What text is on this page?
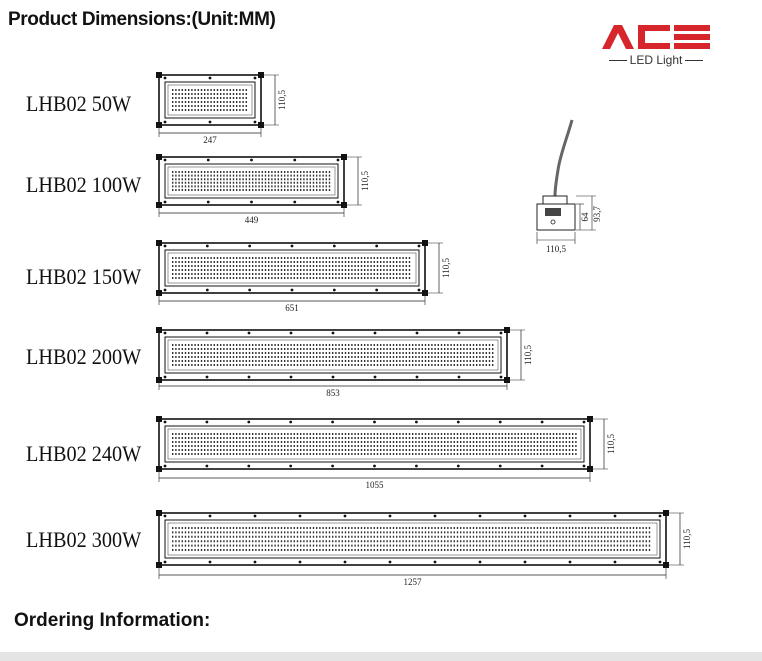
Product Dimensions:(Unit:MM)
LED Light
LHB02 50W
LHB02 100W
LHB02 150W
LHB02 200W
LHB02 240W
LHB02 300W
247
110,5
449
110,5
651
110,5
853
110,5
1055
110,5
1257
110,5
110,5
64 93,7
Ordering Information:
